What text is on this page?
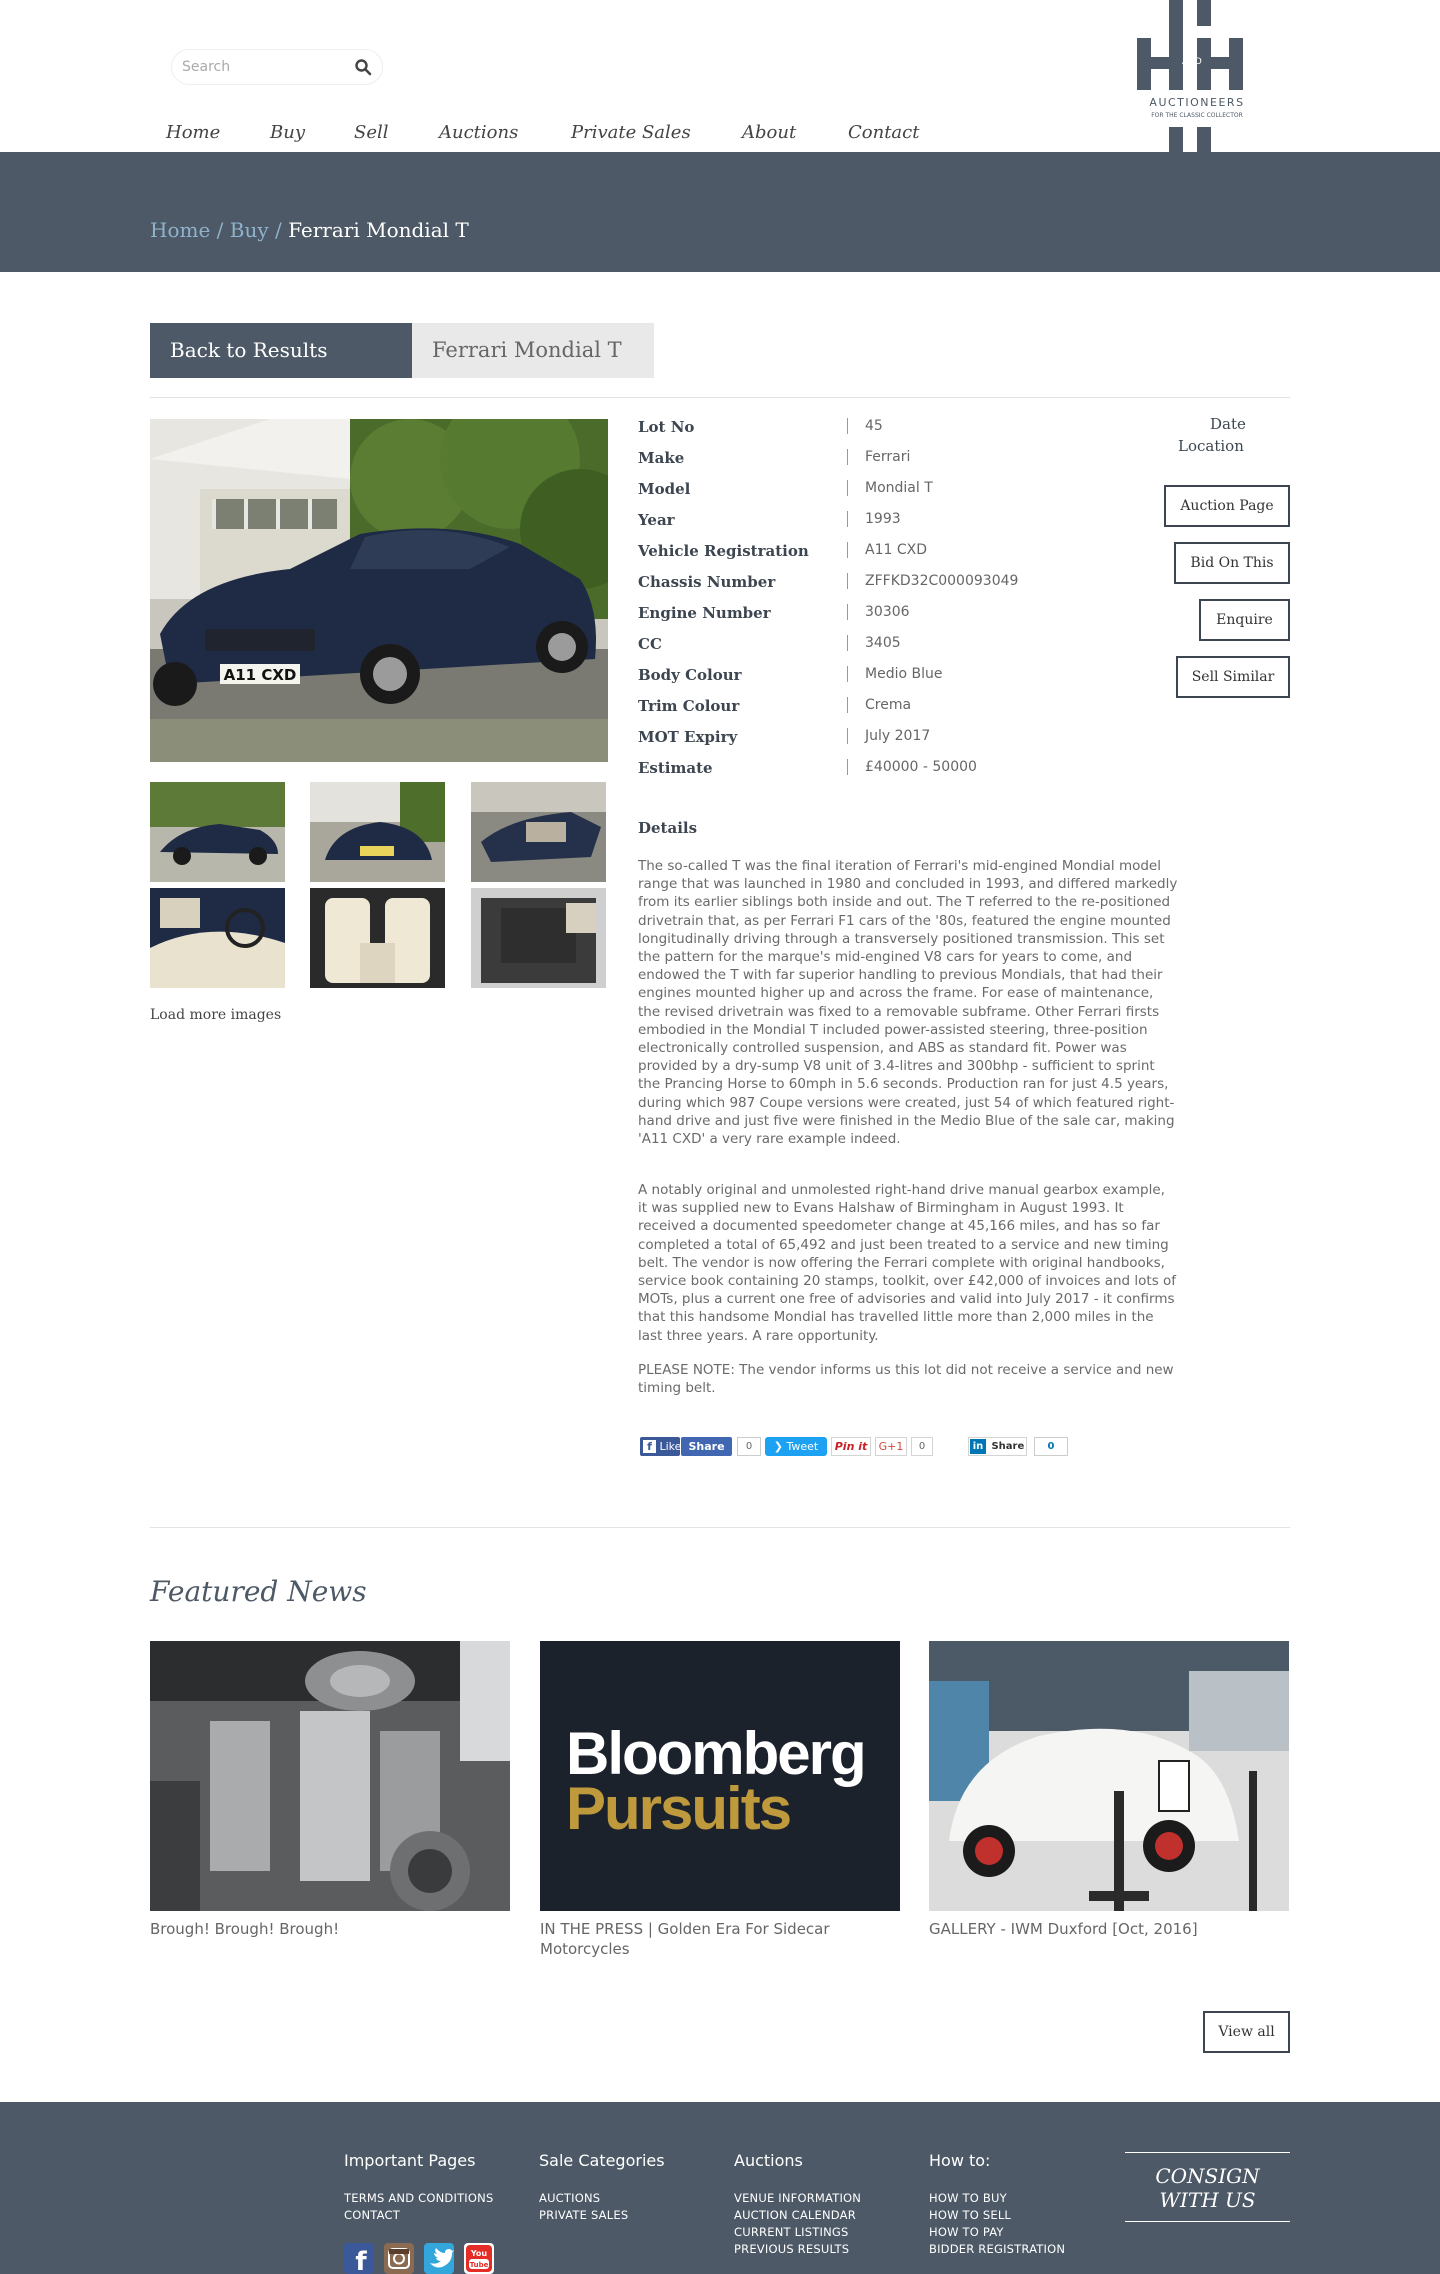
Search
Home	Buy	Sell	Auctions	Private Sales	About	Contact
AND
AUCTIONEERS
FOR THE CLASSIC COLLECTOR
Home / Buy / Ferrari Mondial T
Back to Results	Ferrari Mondial T
A11 CXD
Load more images
Lot No	45
Make	Ferrari
Model	Mondial T
Year	1993
Vehicle Registration	A11 CXD
Chassis Number	ZFFKD32C000093049
Engine Number	30306
CC	3405
Body Colour	Medio Blue
Trim Colour	Crema
MOT Expiry	July 2017
Estimate	£40000 - 50000
Date
Location
Auction Page
Bid On This
Enquire
Sell Similar
Details

The so-called T was the final iteration of Ferrari's mid-engined Mondial model range that was launched in 1980 and concluded in 1993, and differed markedly from its earlier siblings both inside and out. The T referred to the re-positioned drivetrain that, as per Ferrari F1 cars of the '80s, featured the engine mounted longitudinally driving through a transversely positioned transmission. This set the pattern for the marque's mid-engined V8 cars for years to come, and endowed the T with far superior handling to previous Mondials, that had their engines mounted higher up and across the frame. For ease of maintenance, the revised drivetrain was fixed to a removable subframe. Other Ferrari firsts embodied in the Mondial T included power-assisted steering, three-position electronically controlled suspension, and ABS as standard fit. Power was provided by a dry-sump V8 unit of 3.4-litres and 300bhp - sufficient to sprint the Prancing Horse to 60mph in 5.6 seconds. Production ran for just 4.5 years, during which 987 Coupe versions were created, just 54 of which featured right-hand drive and just five were finished in the Medio Blue of the sale car, making 'A11 CXD' a very rare example indeed.

A notably original and unmolested right-hand drive manual gearbox example, it was supplied new to Evans Halshaw of Birmingham in August 1993. It received a documented speedometer change at 45,166 miles, and has so far completed a total of 65,492 and just been treated to a service and new timing belt. The vendor is now offering the Ferrari complete with original handbooks, service book containing 20 stamps, toolkit, over £42,000 of invoices and lots of MOTs, plus a current one free of advisories and valid into July 2017 - it confirms that this handsome Mondial has travelled little more than 2,000 miles in the last three years. A rare opportunity.

PLEASE NOTE: The vendor informs us this lot did not receive a service and new timing belt.

f Like Share	0	❯ Tweet	Pin it	G+1	0	in Share	0
Featured News
Bloomberg
Pursuits
Brough! Brough! Brough!	IN THE PRESS | Golden Era For Sidecar Motorcycles
GALLERY - IWM Duxford [Oct, 2016]
View all
Important Pages
TERMS AND CONDITIONS
CONTACT
Sale Categories
AUCTIONS
PRIVATE SALES
Auctions
VENUE INFORMATION
AUCTION CALENDAR
CURRENT LISTINGS
PREVIOUS RESULTS
How to:
HOW TO BUY
HOW TO SELL
HOW TO PAY
BIDDER REGISTRATION
CONSIGN
WITH US
f	You
Tube
